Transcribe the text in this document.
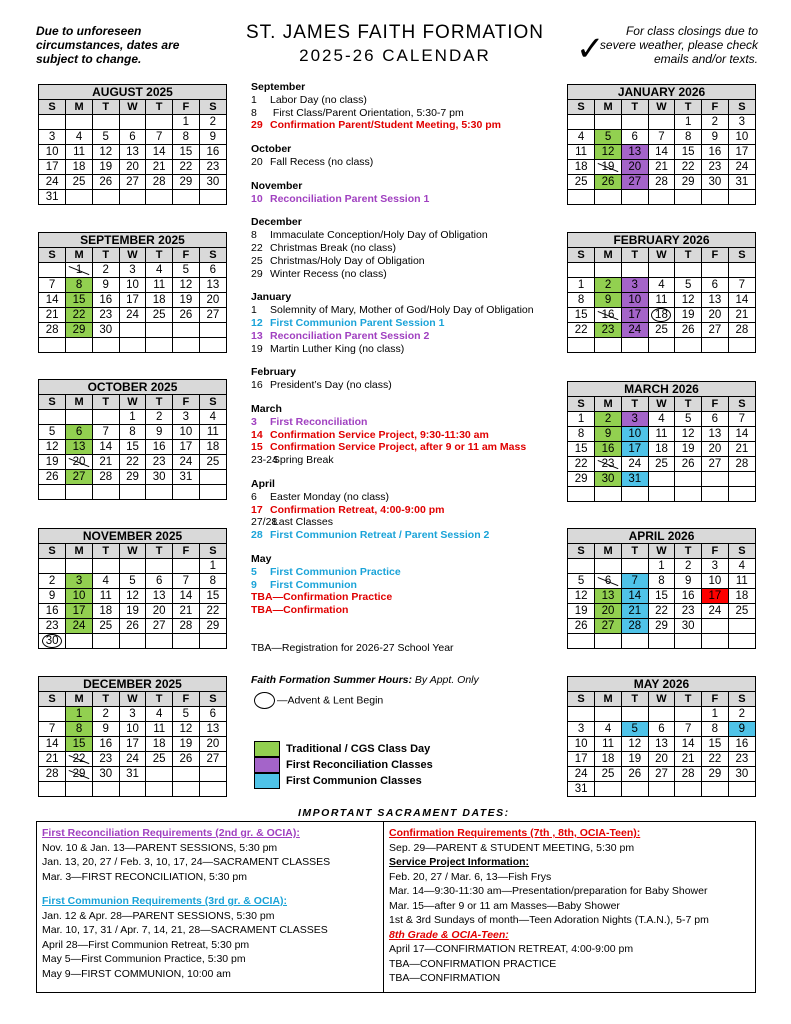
Due to unforeseen circumstances, dates are subject to change.
ST. JAMES FAITH FORMATION
2025-26 CALENDAR	✓	For class closings due to severe weather, please check emails and/or texts.
AUGUST 2025
S	M	T	W	T	F	S
					1	2
3	4	5	6	7	8	9
10	11	12	13	14	15	16
17	18	19	20	21	22	23
24	25	26	27	28	29	30
31						
SEPTEMBER 2025
S	M	T	W	T	F	S
	1	2	3	4	5	6
7	8	9	10	11	12	13
14	15	16	17	18	19	20
21	22	23	24	25	26	27
28	29	30				

OCTOBER 2025
S	M	T	W	T	F	S
			1	2	3	4
5	6	7	8	9	10	11
12	13	14	15	16	17	18
19	20	21	22	23	24	25
26	27	28	29	30	31	

NOVEMBER 2025
S	M	T	W	T	F	S
						1
2	3	4	5	6	7	8
9	10	11	12	13	14	15
16	17	18	19	20	21	22
23	24	25	26	27	28	29
30						
DECEMBER 2025
S	M	T	W	T	F	S
	1	2	3	4	5	6
7	8	9	10	11	12	13
14	15	16	17	18	19	20
21	22	23	24	25	26	27
28	29	30	31			

JANUARY 2026
S	M	T	W	T	F	S
				1	2	3
4	5	6	7	8	9	10
11	12	13	14	15	16	17
18	19	20	21	22	23	24
25	26	27	28	29	30	31

FEBRUARY 2026
S	M	T	W	T	F	S

1	2	3	4	5	6	7
8	9	10	11	12	13	14
15	16	17	18	19	20	21
22	23	24	25	26	27	28

MARCH 2026
S	M	T	W	T	F	S
1	2	3	4	5	6	7
8	9	10	11	12	13	14
15	16	17	18	19	20	21
22	23	24	25	26	27	28
29	30	31				

APRIL 2026
S	M	T	W	T	F	S
			1	2	3	4
5	6	7	8	9	10	11
12	13	14	15	16	17	18
19	20	21	22	23	24	25
26	27	28	29	30		

MAY 2026
S	M	T	W	T	F	S
					1	2
3	4	5	6	7	8	9
10	11	12	13	14	15	16
17	18	19	20	21	22	23
24	25	26	27	28	29	30
31						
September
1 Labor Day (no class)
8 First Class/Parent Orientation, 5:30-7 pm
29 Confirmation Parent/Student Meeting, 5:30 pm
October
20 Fall Recess (no class)
November
10 Reconciliation Parent Session 1
December
8 Immaculate Conception/Holy Day of Obligation
22 Christmas Break (no class)
25 Christmas/Holy Day of Obligation
29 Winter Recess (no class)
January
1 Solemnity of Mary, Mother of God/Holy Day of Obligation
12 First Communion Parent Session 1
13 Reconciliation Parent Session 2
19 Martin Luther King (no class)
February
16 President’s Day (no class)
March
3 First Reconciliation
14 Confirmation Service Project, 9:30-11:30 am
15 Confirmation Service Project, after 9 or 11 am Mass
23-24 Spring Break
April
6 Easter Monday (no class)
17 Confirmation Retreat, 4:00-9:00 pm
27/28 Last Classes
28 First Communion Retreat / Parent Session 2
May
5 First Communion Practice
9 First Communion
TBA—Confirmation Practice
TBA—Confirmation
TBA—Registration for 2026-27 School Year
Faith Formation Summer Hours: By Appt. Only
—Advent & Lent Begin
Traditional / CGS Class Day
First Reconciliation Classes
First Communion Classes
IMPORTANT SACRAMENT DATES:
First Reconciliation Requirements (2nd gr. & OCIA):
Nov. 10 & Jan. 13—PARENT SESSIONS, 5:30 pm
Jan. 13, 20, 27 / Feb. 3, 10, 17, 24—SACRAMENT CLASSES
Mar. 3—FIRST RECONCILIATION, 5:30 pm
First Communion Requirements (3rd gr. & OCIA):
Jan. 12 & Apr. 28—PARENT SESSIONS, 5:30 pm
Mar. 10, 17, 31 / Apr. 7, 14, 21, 28—SACRAMENT CLASSES
April 28—First Communion Retreat, 5:30 pm
May 5—First Communion Practice, 5:30 pm
May 9—FIRST COMMUNION, 10:00 am
Confirmation Requirements (7th , 8th, OCIA-Teen):
Sep. 29—PARENT & STUDENT MEETING, 5:30 pm
Service Project Information:
Feb. 20, 27 / Mar. 6, 13—Fish Frys
Mar. 14—9:30-11:30 am—Presentation/preparation for Baby Shower
Mar. 15—after 9 or 11 am Masses—Baby Shower
1st & 3rd Sundays of month—Teen Adoration Nights (T.A.N.), 5-7 pm
8th Grade & OCIA-Teen:
April 17—CONFIRMATION RETREAT, 4:00-9:00 pm
TBA—CONFIRMATION PRACTICE
TBA—CONFIRMATION
